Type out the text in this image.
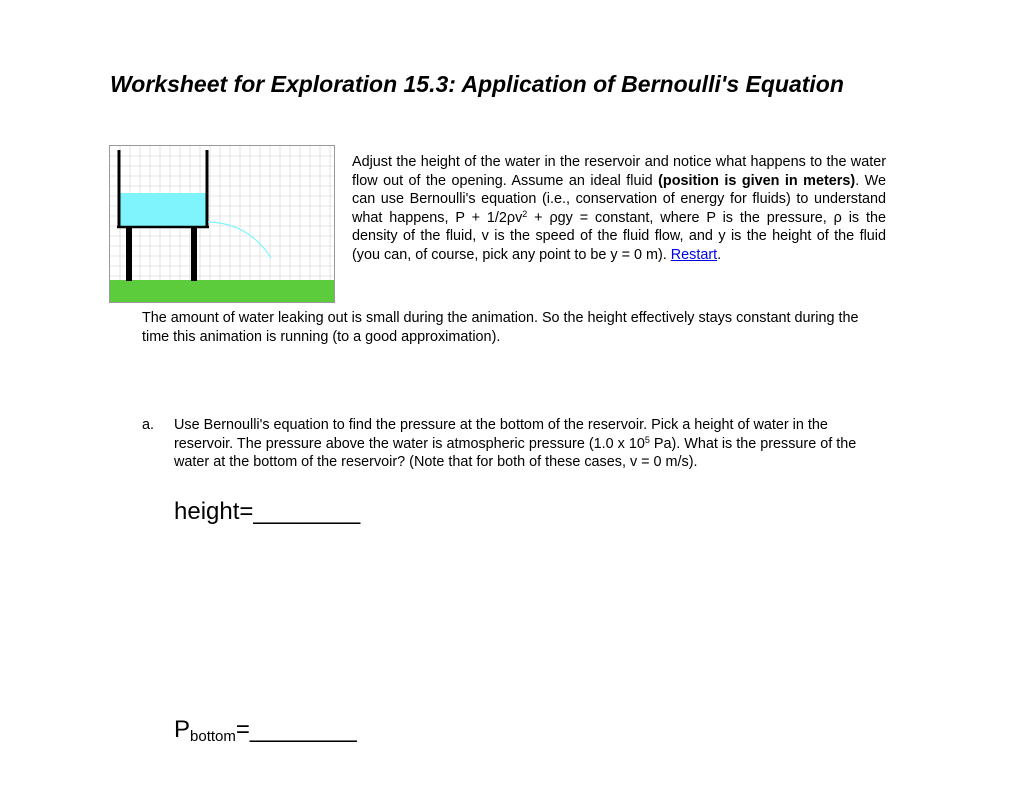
Worksheet for Exploration 15.3: Application of Bernoulli's Equation

Adjust the height of the water in the reservoir and notice what happens to the water flow out of the opening. Assume an ideal fluid (position is given in meters). We can use Bernoulli's equation (i.e., conservation of energy for fluids) to understand what happens, $P + 1/2\rho v^2 + \rho gy$ = constant, where P is the pressure, ρ is the density of the fluid, v is the speed of the fluid flow, and y is the height of the fluid (you can, of course, pick any point to be y = 0 m). Restart.

The amount of water leaking out is small during the animation. So the height effectively stays constant during the time this animation is running (to a good approximation).

a. Use Bernoulli's equation to find the pressure at the bottom of the reservoir. Pick a height of water in the reservoir. The pressure above the water is atmospheric pressure (1.0 x $10^5$ Pa). What is the pressure of the water at the bottom of the reservoir? (Note that for both of these cases, v = 0 m/s).

height=________
$P_{bottom}=\_\_\_\_\_\_\_\_$
